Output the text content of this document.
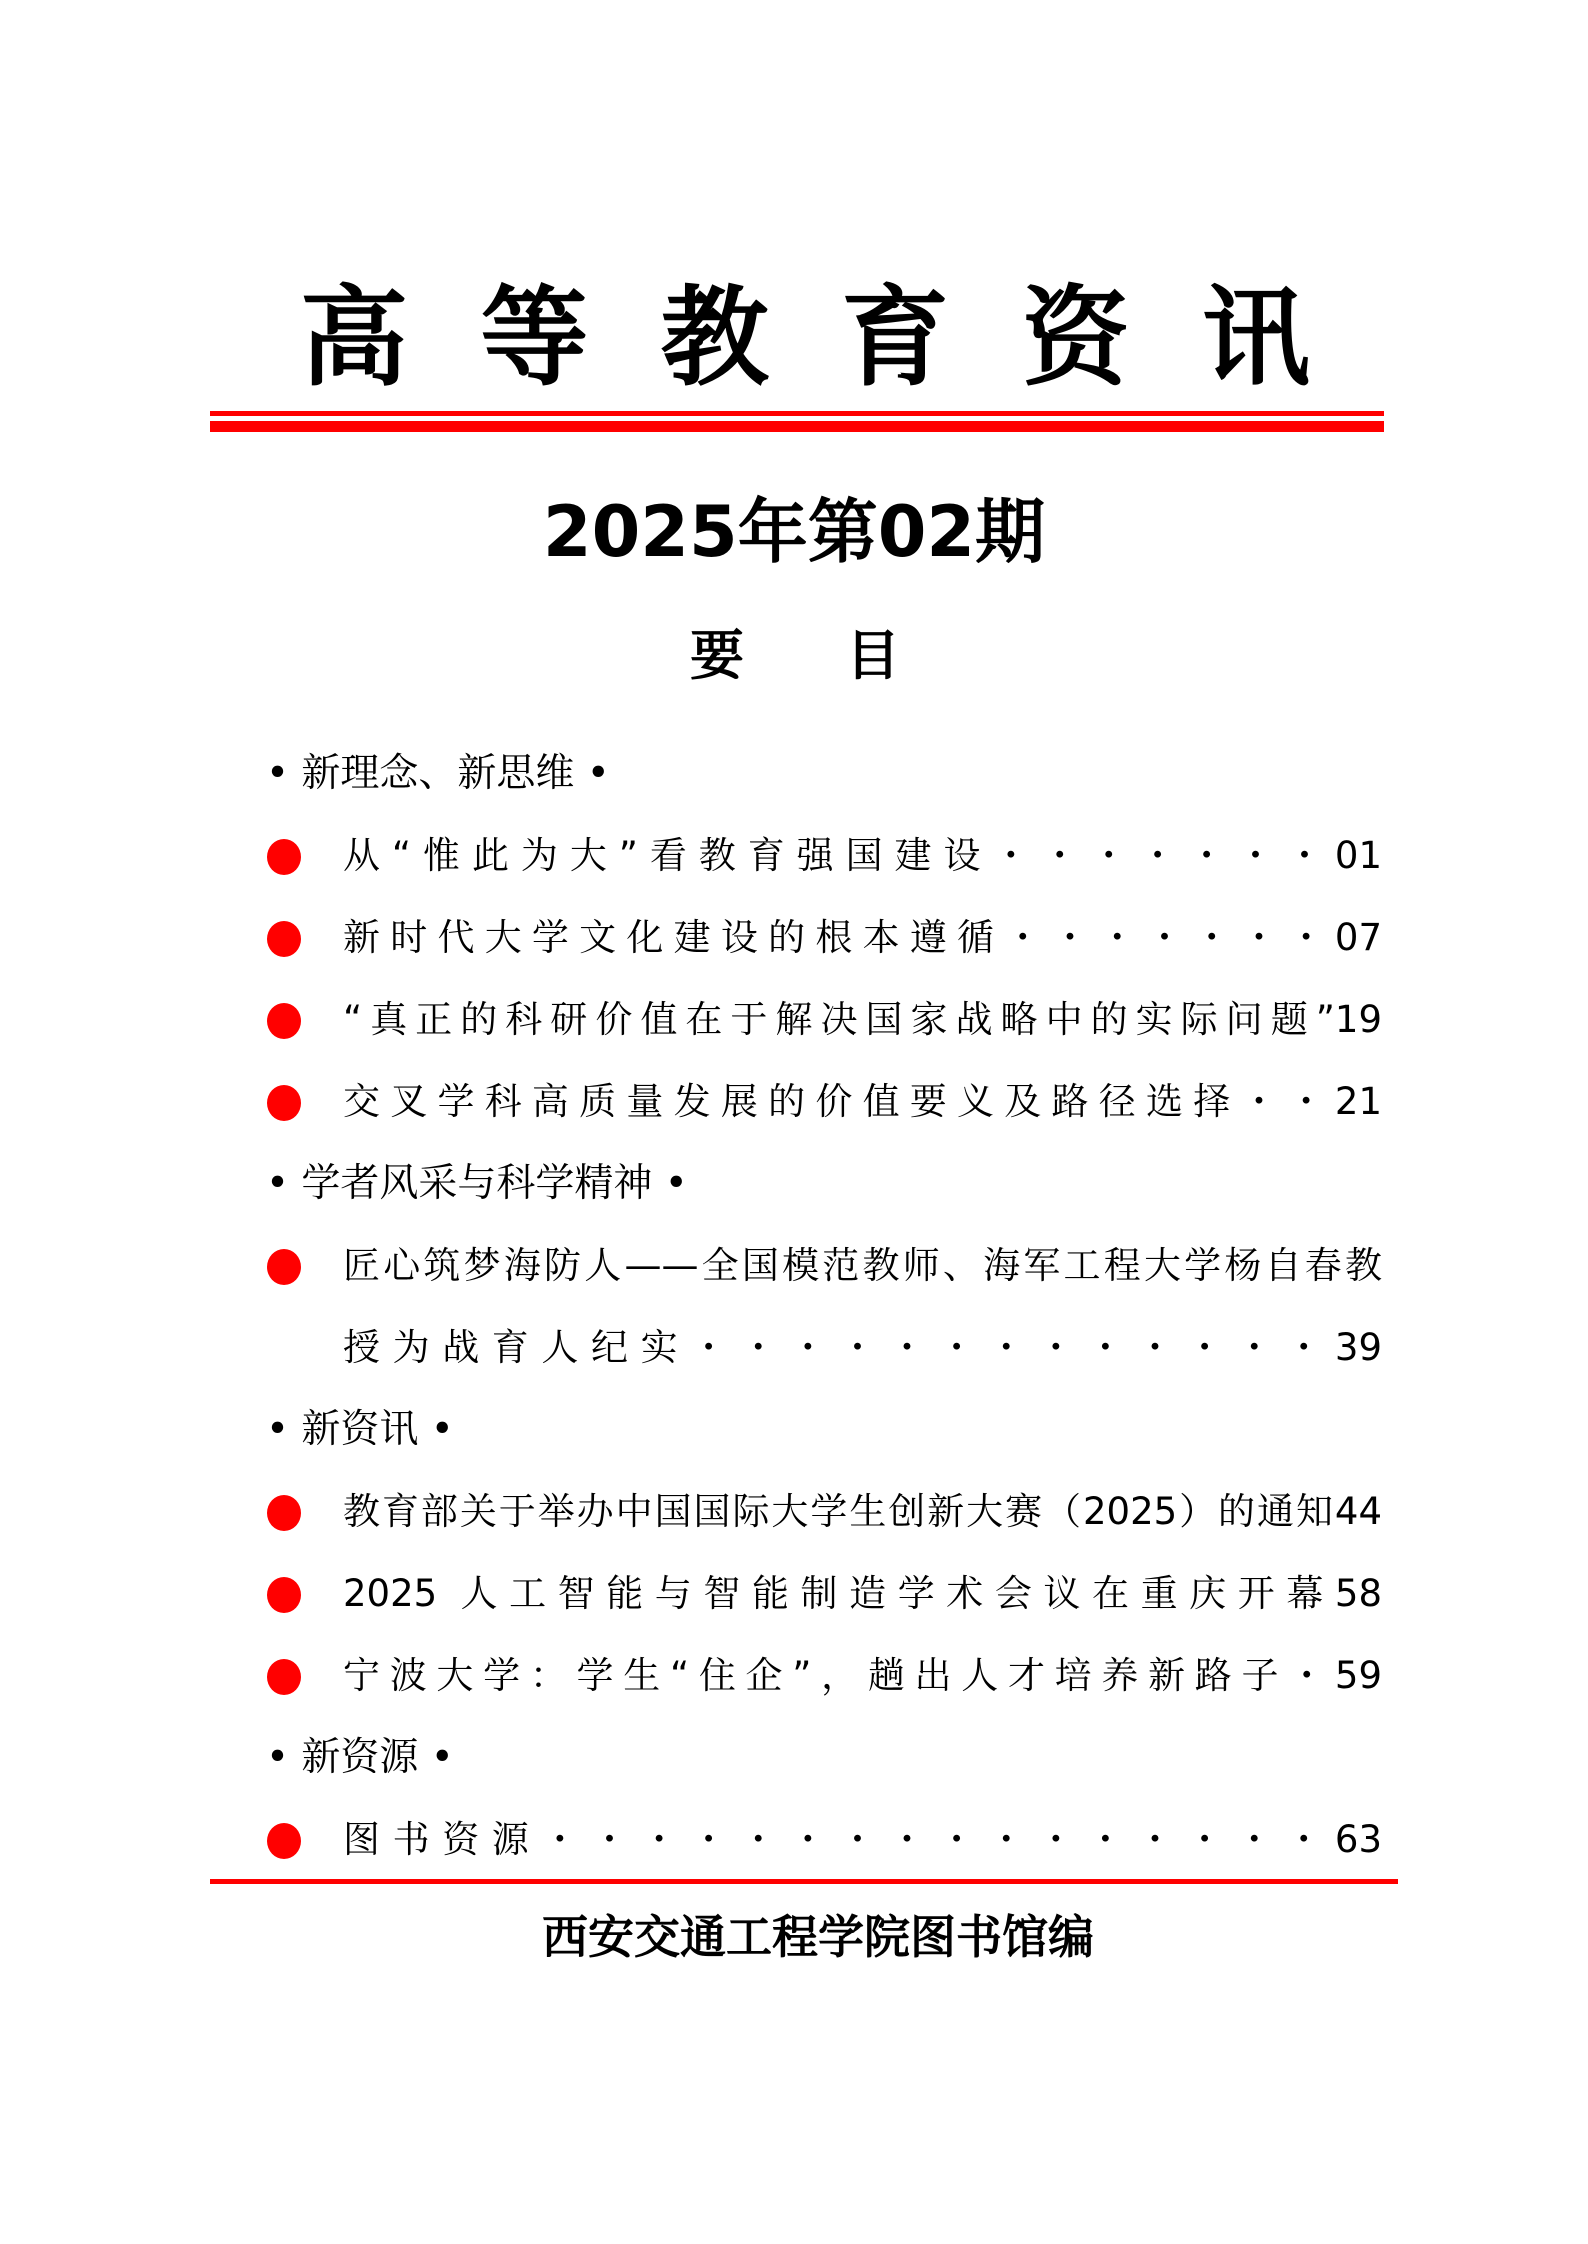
高 等 教 育 资 讯
2025年第02期
要 目
• 新理念、新思维 •
从“惟此为大”看教育强国建设・・・・・・・01
新时代大学文化建设的根本遵循・・・・・・・07
“真正的科研价值在于解决国家战略中的实际问题”19
交叉学科高质量发展的价值要义及路径选择・・21
• 学者风采与科学精神 •
匠心筑梦海防人——全国模范教师、海军工程大学杨自春教
授为战育人纪实・・・・・・・・・・・・・39
• 新资讯 •
教育部关于举办中国国际大学生创新大赛（2025）的通知44
2025 人工智能与智能制造学术会议在重庆开幕58
宁波大学：学生“住企”，趟出人才培养新路子・59
• 新资源 •
图书资源・・・・・・・・・・・・・・・・63
西安交通工程学院图书馆编
